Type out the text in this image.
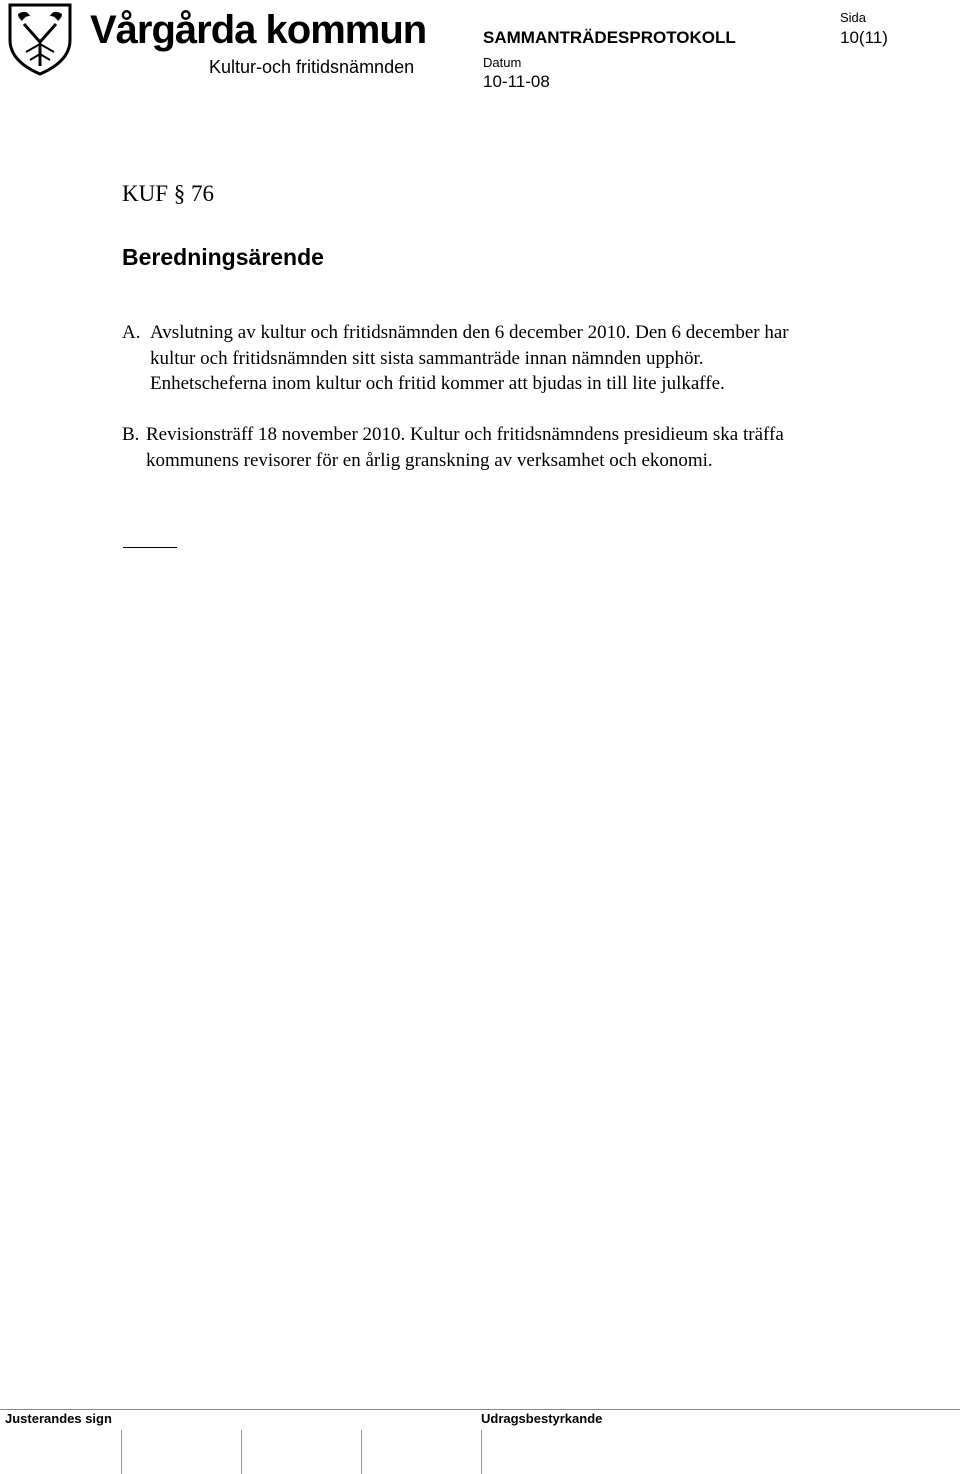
Vårgårda kommun
Kultur-och fritidsnämnden
SAMMANTRÄDESPROTOKOLL
Datum
10-11-08
Sida
10(11)
KUF § 76
Beredningsärende
A. Avslutning av kultur och fritidsnämnden den 6 december 2010. Den 6 december har kultur och fritidsnämnden sitt sista sammanträde innan nämnden upphör. Enhetscheferna inom kultur och fritid kommer att bjudas in till lite julkaffe.
B. Revisionsträff 18 november 2010. Kultur och fritidsnämndens presidieum ska träffa kommunens revisorer för en årlig granskning av verksamhet och ekonomi.
Justerandes sign	Udragsbestyrkande
